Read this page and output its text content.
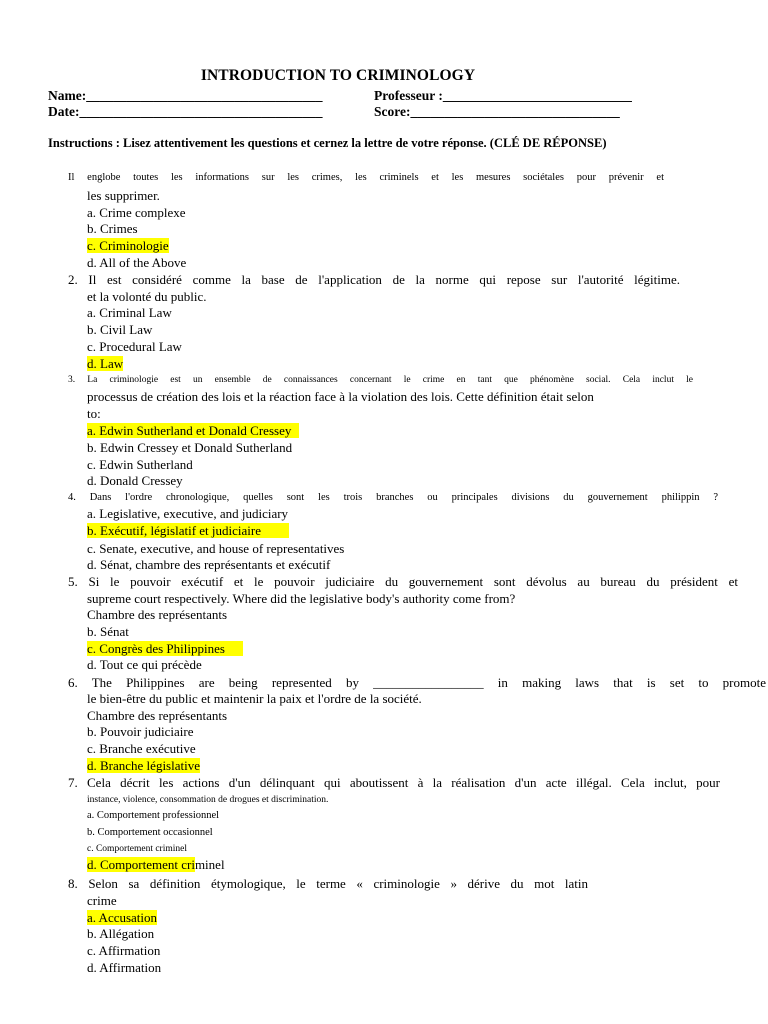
INTRODUCTION TO CRIMINOLOGY
Name:___________________________________	Professeur :____________________________
Date:____________________________________	Score:_______________________________
Instructions : Lisez attentivement les questions et cernez la lettre de votre réponse. (CLÉ DE RÉPONSE)
Il englobe toutes les informations sur les crimes, les criminels et les mesures sociétales pour prévenir et
les supprimer.
a. Crime complexe
b. Crimes
c. Criminologie
d. All of the Above
2. Il est considéré comme la base de l'application de la norme qui repose sur l'autorité légitime.
et la volonté du public.
a. Criminal Law
b. Civil Law
c. Procedural Law
d. Law
3. La criminologie est un ensemble de connaissances concernant le crime en tant que phénomène social. Cela inclut le
processus de création des lois et la réaction face à la violation des lois. Cette définition était selon
to:
a. Edwin Sutherland et Donald Cressey
b. Edwin Cressey et Donald Sutherland
c. Edwin Sutherland
d. Donald Cressey
4. Dans l'ordre chronologique, quelles sont les trois branches ou principales divisions du gouvernement philippin ?
a. Legislative, executive, and judiciary
b. Exécutif, législatif et judiciaire
c. Senate, executive, and house of representatives
d. Sénat, chambre des représentants et exécutif
5. Si le pouvoir exécutif et le pouvoir judiciaire du gouvernement sont dévolus au bureau du président et
supreme court respectively. Where did the legislative body's authority come from?
Chambre des représentants
b. Sénat
c. Congrès des Philippines
d. Tout ce qui précède
6. The Philippines are being represented by _________________ in making laws that is set to promote
le bien-être du public et maintenir la paix et l'ordre de la société.
Chambre des représentants
b. Pouvoir judiciaire
c. Branche exécutive
d. Branche législative
7. Cela décrit les actions d'un délinquant qui aboutissent à la réalisation d'un acte illégal. Cela inclut, pour
instance, violence, consommation de drogues et discrimination.
a. Comportement professionnel
b. Comportement occasionnel
c. Comportement criminel
d. Comportement criminel
8. Selon sa définition étymologique, le terme « criminologie » dérive du mot latin
crime
a. Accusation
b. Allégation
c. Affirmation
d. Affirmation
